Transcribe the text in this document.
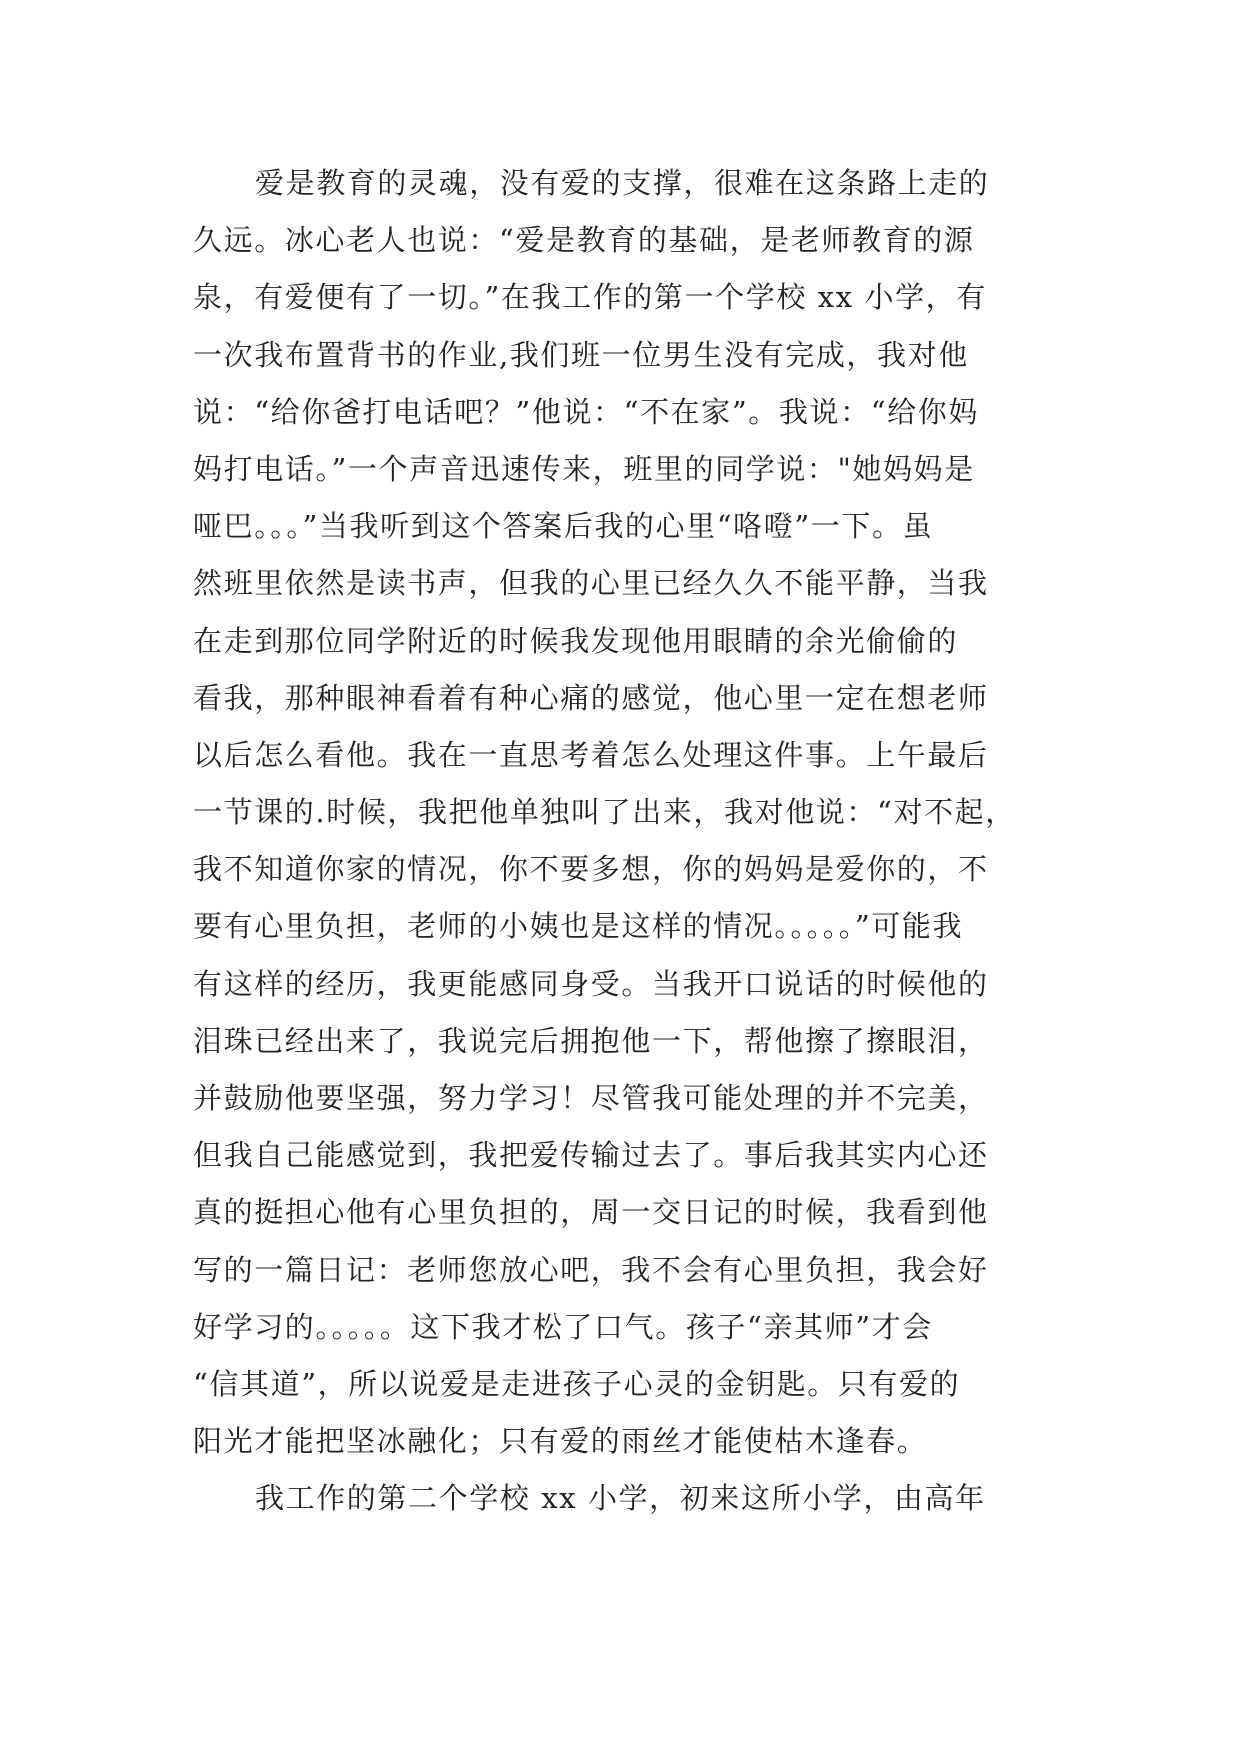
爱是教育的灵魂，没有爱的支撑，很难在这条路上走的
久远。冰心老人也说：“爱是教育的基础，是老师教育的源
泉，有爱便有了一切。”在我工作的第一个学校 xx 小学，有
一次我布置背书的作业,我们班一位男生没有完成，我对他
说：“给你爸打电话吧？”他说：“不在家”。我说：“给你妈
妈打电话。”一个声音迅速传来，班里的同学说："她妈妈是
哑巴。。。”当我听到这个答案后我的心里“咯噔”一下。虽
然班里依然是读书声，但我的心里已经久久不能平静，当我
在走到那位同学附近的时候我发现他用眼睛的余光偷偷的
看我，那种眼神看着有种心痛的感觉，他心里一定在想老师
以后怎么看他。我在一直思考着怎么处理这件事。上午最后
一节课的.时候，我把他单独叫了出来，我对他说：“对不起，
我不知道你家的情况，你不要多想，你的妈妈是爱你的，不
要有心里负担，老师的小姨也是这样的情况。。。。。”可能我
有这样的经历，我更能感同身受。当我开口说话的时候他的
泪珠已经出来了，我说完后拥抱他一下，帮他擦了擦眼泪，
并鼓励他要坚强，努力学习！尽管我可能处理的并不完美，
但我自己能感觉到，我把爱传输过去了。事后我其实内心还
真的挺担心他有心里负担的，周一交日记的时候，我看到他
写的一篇日记：老师您放心吧，我不会有心里负担，我会好
好学习的。。。。。这下我才松了口气。孩子“亲其师”才会
“信其道”，所以说爱是走进孩子心灵的金钥匙。只有爱的
阳光才能把坚冰融化；只有爱的雨丝才能使枯木逢春。
我工作的第二个学校 xx 小学，初来这所小学，由高年
